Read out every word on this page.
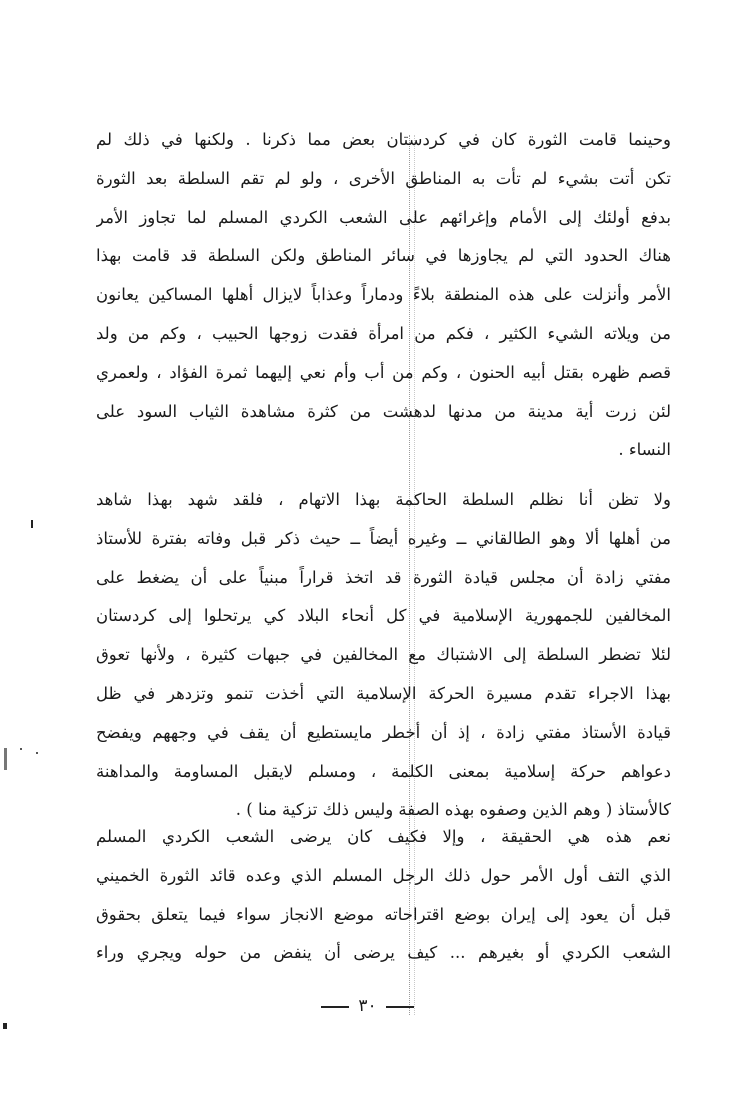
وحينما قامت الثورة كان في كردستان بعض مما ذكرنا . ولكنها في ذلك لم
تكن أتت بشيء لم تأت به المناطق الأخرى ، ولو لم تقم السلطة بعد الثورة
بدفع أولئك إلى الأمام وإغرائهم على الشعب الكردي المسلم لما تجاوز الأمر
هناك الحدود التي لم يجاوزها في سائر المناطق ولكن السلطة قد قامت بهذا
الأمر وأنزلت على هذه المنطقة بلاءً ودماراً وعذاباً لايزال أهلها المساكين يعانون
من ويلاته الشيء الكثير ، فكم من امرأة فقدت زوجها الحبيب ، وكم من ولد
قصم ظهره بقتل أبيه الحنون ، وكم من أب وأم نعي إليهما ثمرة الفؤاد ، ولعمري
لئن زرت أية مدينة من مدنها لدهشت من كثرة مشاهدة الثياب السود على
النساء .
ولا تظن أنا نظلم السلطة الحاكمة بهذا الاتهام ، فلقد شهد بهذا شاهد
من أهلها ألا وهو الطالقاني ــ وغيره أيضاً ــ حيث ذكر قبل وفاته بفترة للأستاذ
مفتي زادة أن مجلس قيادة الثورة قد اتخذ قراراً مبنياً على أن يضغط على
المخالفين للجمهورية الإسلامية في كل أنحاء البلاد كي يرتحلوا إلى كردستان
لئلا تضطر السلطة إلى الاشتباك مع المخالفين في جبهات كثيرة ، ولأنها تعوق
بهذا الاجراء تقدم مسيرة الحركة الإسلامية التي أخذت تنمو وتزدهر في ظل
قيادة الأستاذ مفتي زادة ، إذ أن أخطر مايستطيع أن يقف في وجههم ويفضح
دعواهم حركة إسلامية بمعنى الكلمة ، ومسلم لايقبل المساومة والمداهنة
كالأستاذ ( وهم الذين وصفوه بهذه الصفة وليس ذلك تزكية منا ) .
نعم هذه هي الحقيقة ، وإلا فكيف كان يرضى الشعب الكردي المسلم
الذي التف أول الأمر حول ذلك الرجل المسلم الذي وعده قائد الثورة الخميني
قبل أن يعود إلى إيران بوضع اقتراحاته موضع الانجاز سواء فيما يتعلق بحقوق
الشعب الكردي أو بغيرهم ... كيف يرضى أن ينفض من حوله ويجري وراء
٣٠
